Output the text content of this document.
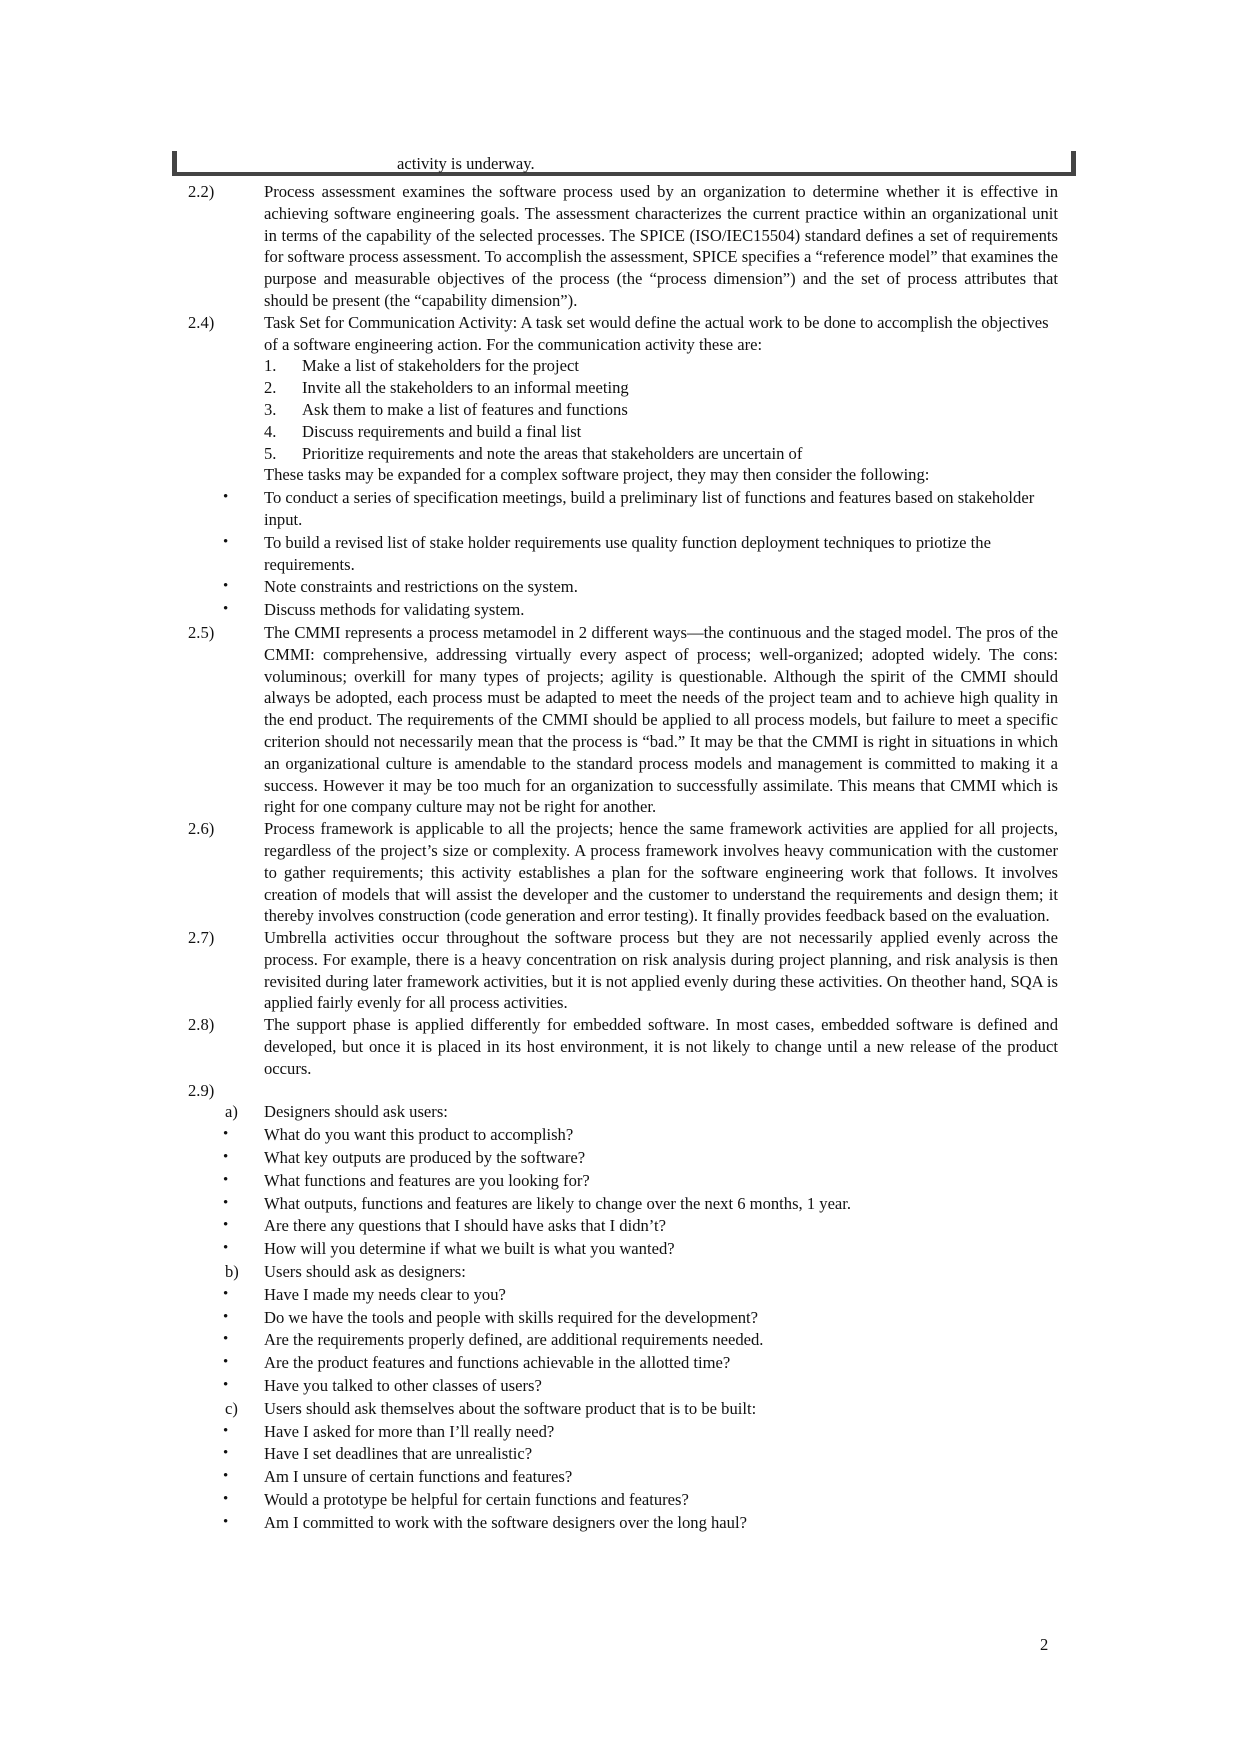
activity is underway.
2.2)	Process assessment examines the software process used by an organization to determine whether it is effective in achieving software engineering goals. The assessment characterizes the current practice within an organizational unit in terms of the capability of the selected processes. The SPICE (ISO/IEC15504) standard defines a set of requirements for software process assessment. To accomplish the assessment, SPICE specifies a “reference model” that examines the purpose and measurable objectives of the process (the “process dimension”) and the set of process attributes that should be present (the “capability dimension”).
2.4)	Task Set for Communication Activity: A task set would define the actual work to be done to accomplish the objectives of a software engineering action. For the communication activity these are:
1. Make a list of stakeholders for the project
2. Invite all the stakeholders to an informal meeting
3. Ask them to make a list of features and functions
4. Discuss requirements and build a final list
5. Prioritize requirements and note the areas that stakeholders are uncertain of
These tasks may be expanded for a complex software project, they may then consider the following:
• To conduct a series of specification meetings, build a preliminary list of functions and features based on stakeholder input.
• To build a revised list of stake holder requirements use quality function deployment techniques to priotize the requirements.
• Note constraints and restrictions on the system.
• Discuss methods for validating system.
2.5)	The CMMI represents a process metamodel in 2 different ways—the continuous and the staged model. The pros of the CMMI: comprehensive, addressing virtually every aspect of process; well-organized; adopted widely. The cons: voluminous; overkill for many types of projects; agility is questionable. Although the spirit of the CMMI should always be adopted, each process must be adapted to meet the needs of the project team and to achieve high quality in the end product. The requirements of the CMMI should be applied to all process models, but failure to meet a specific criterion should not necessarily mean that the process is “bad.” It may be that the CMMI is right in situations in which an organizational culture is amendable to the standard process models and management is committed to making it a success. However it may be too much for an organization to successfully assimilate. This means that CMMI which is right for one company culture may not be right for another.
2.6)	Process framework is applicable to all the projects; hence the same framework activities are applied for all projects, regardless of the project’s size or complexity. A process framework involves heavy communication with the customer to gather requirements; this activity establishes a plan for the software engineering work that follows. It involves creation of models that will assist the developer and the customer to understand the requirements and design them; it thereby involves construction (code generation and error testing). It finally provides feedback based on the evaluation.
2.7)	Umbrella activities occur throughout the software process but they are not necessarily applied evenly across the process. For example, there is a heavy concentration on risk analysis during project planning, and risk analysis is then revisited during later framework activities, but it is not applied evenly during these activities. On theother hand, SQA is applied fairly evenly for all process activities.
2.8)	The support phase is applied differently for embedded software. In most cases, embedded software is defined and developed, but once it is placed in its host environment, it is not likely to change until a new release of the product occurs.
2.9)

a) Designers should ask users:
• What do you want this product to accomplish?
• What key outputs are produced by the software?
• What functions and features are you looking for?
• What outputs, functions and features are likely to change over the next 6 months, 1 year.
• Are there any questions that I should have asks that I didn’t?
• How will you determine if what we built is what you wanted?
b) Users should ask as designers:
• Have I made my needs clear to you?
• Do we have the tools and people with skills required for the development?
• Are the requirements properly defined, are additional requirements needed.
• Are the product features and functions achievable in the allotted time?
• Have you talked to other classes of users?
c) Users should ask themselves about the software product that is to be built:
• Have I asked for more than I’ll really need?
• Have I set deadlines that are unrealistic?
• Am I unsure of certain functions and features?
• Would a prototype be helpful for certain functions and features?
• Am I committed to work with the software designers over the long haul?
2
